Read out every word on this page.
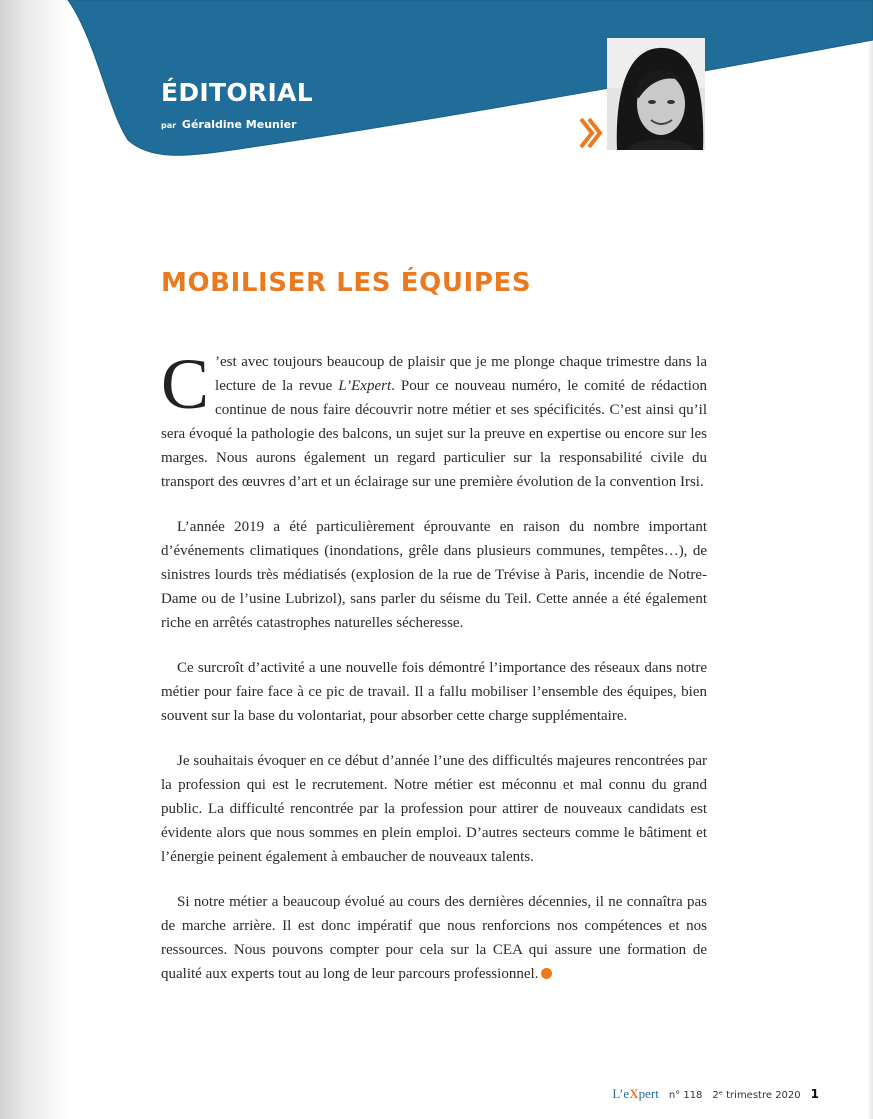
ÉDITORIAL
par Géraldine Meunier
MOBILISER LES ÉQUIPES

C ’est avec toujours beaucoup de plaisir que je me plonge chaque trimestre dans la lecture de la revue L’Expert. Pour ce nouveau numéro, le comité de rédaction continue de nous faire découvrir notre métier et ses spécificités. C’est ainsi qu’il sera évoqué la pathologie des balcons, un sujet sur la preuve en expertise ou encore sur les marges. Nous aurons également un regard particulier sur la responsabilité civile du transport des œuvres d’art et un éclairage sur une première évolution de la convention Irsi.

L’année 2019 a été particulièrement éprouvante en raison du nombre important d’événements climatiques (inondations, grêle dans plusieurs communes, tempêtes…), de sinistres lourds très médiatisés (explosion de la rue de Trévise à Paris, incendie de Notre-Dame ou de l’usine Lubrizol), sans parler du séisme du Teil. Cette année a été également riche en arrêtés catastrophes naturelles sécheresse.

Ce surcroît d’activité a une nouvelle fois démontré l’importance des réseaux dans notre métier pour faire face à ce pic de travail. Il a fallu mobiliser l’ensemble des équipes, bien souvent sur la base du volontariat, pour absorber cette charge supplémentaire.

Je souhaitais évoquer en ce début d’année l’une des difficultés majeures rencontrées par la profession qui est le recrutement. Notre métier est méconnu et mal connu du grand public. La difficulté rencontrée par la profession pour attirer de nouveaux candidats est évidente alors que nous sommes en plein emploi. D’autres secteurs comme le bâtiment et l’énergie peinent également à embaucher de nouveaux talents.

Si notre métier a beaucoup évolué au cours des dernières décennies, il ne connaîtra pas de marche arrière. Il est donc impératif que nous renforcions nos compétences et nos ressources. Nous pouvons compter pour cela sur la CEA qui assure une formation de qualité aux experts tout au long de leur parcours professionnel.

L’eXpert n° 118 2ᵉ trimestre 2020 1
